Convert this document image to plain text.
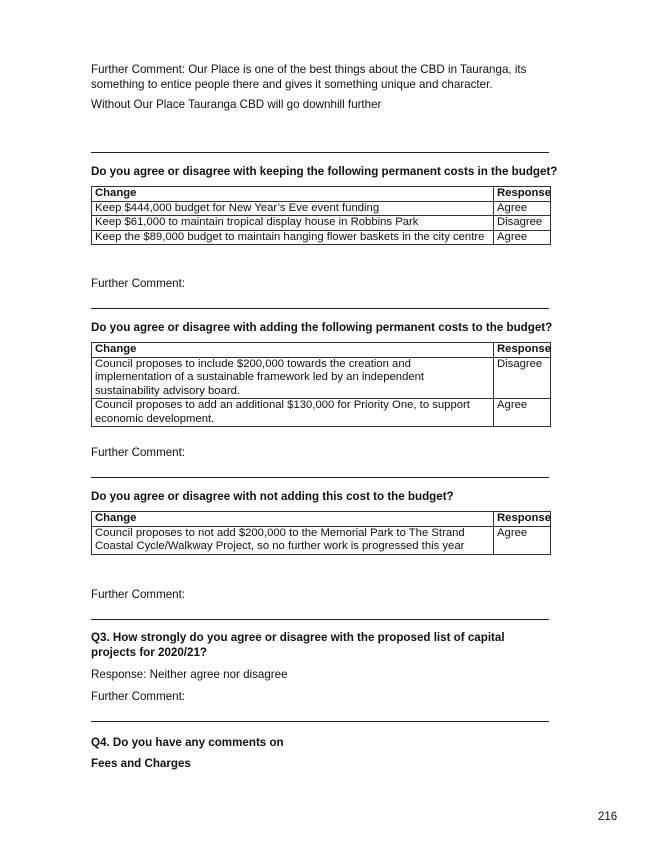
Further Comment: Our Place is one of the best things about the CBD in Tauranga, its something to entice people there and gives it something unique and character.
Without Our Place Tauranga CBD will go downhill further
Do you agree or disagree with keeping the following permanent costs in the budget?
Change	Response
Keep $444,000 budget for New Year’s Eve event funding	Agree
Keep $61,000 to maintain tropical display house in Robbins Park	Disagree
Keep the $89,000 budget to maintain hanging flower baskets in the city centre	Agree
Further Comment:
Do you agree or disagree with adding the following permanent costs to the budget?
Change	Response
Council proposes to include $200,000 towards the creation and implementation of a sustainable framework led by an independent sustainability advisory board.	Disagree
Council proposes to add an additional $130,000 for Priority One, to support economic development.	Agree
Further Comment:
Do you agree or disagree with not adding this cost to the budget?
Change	Response
Council proposes to not add $200,000 to the Memorial Park to The Strand Coastal Cycle/Walkway Project, so no further work is progressed this year	Agree
Further Comment:
Q3. How strongly do you agree or disagree with the proposed list of capital projects for 2020/21?
Response: Neither agree nor disagree
Further Comment:
Q4. Do you have any comments on
Fees and Charges
216
